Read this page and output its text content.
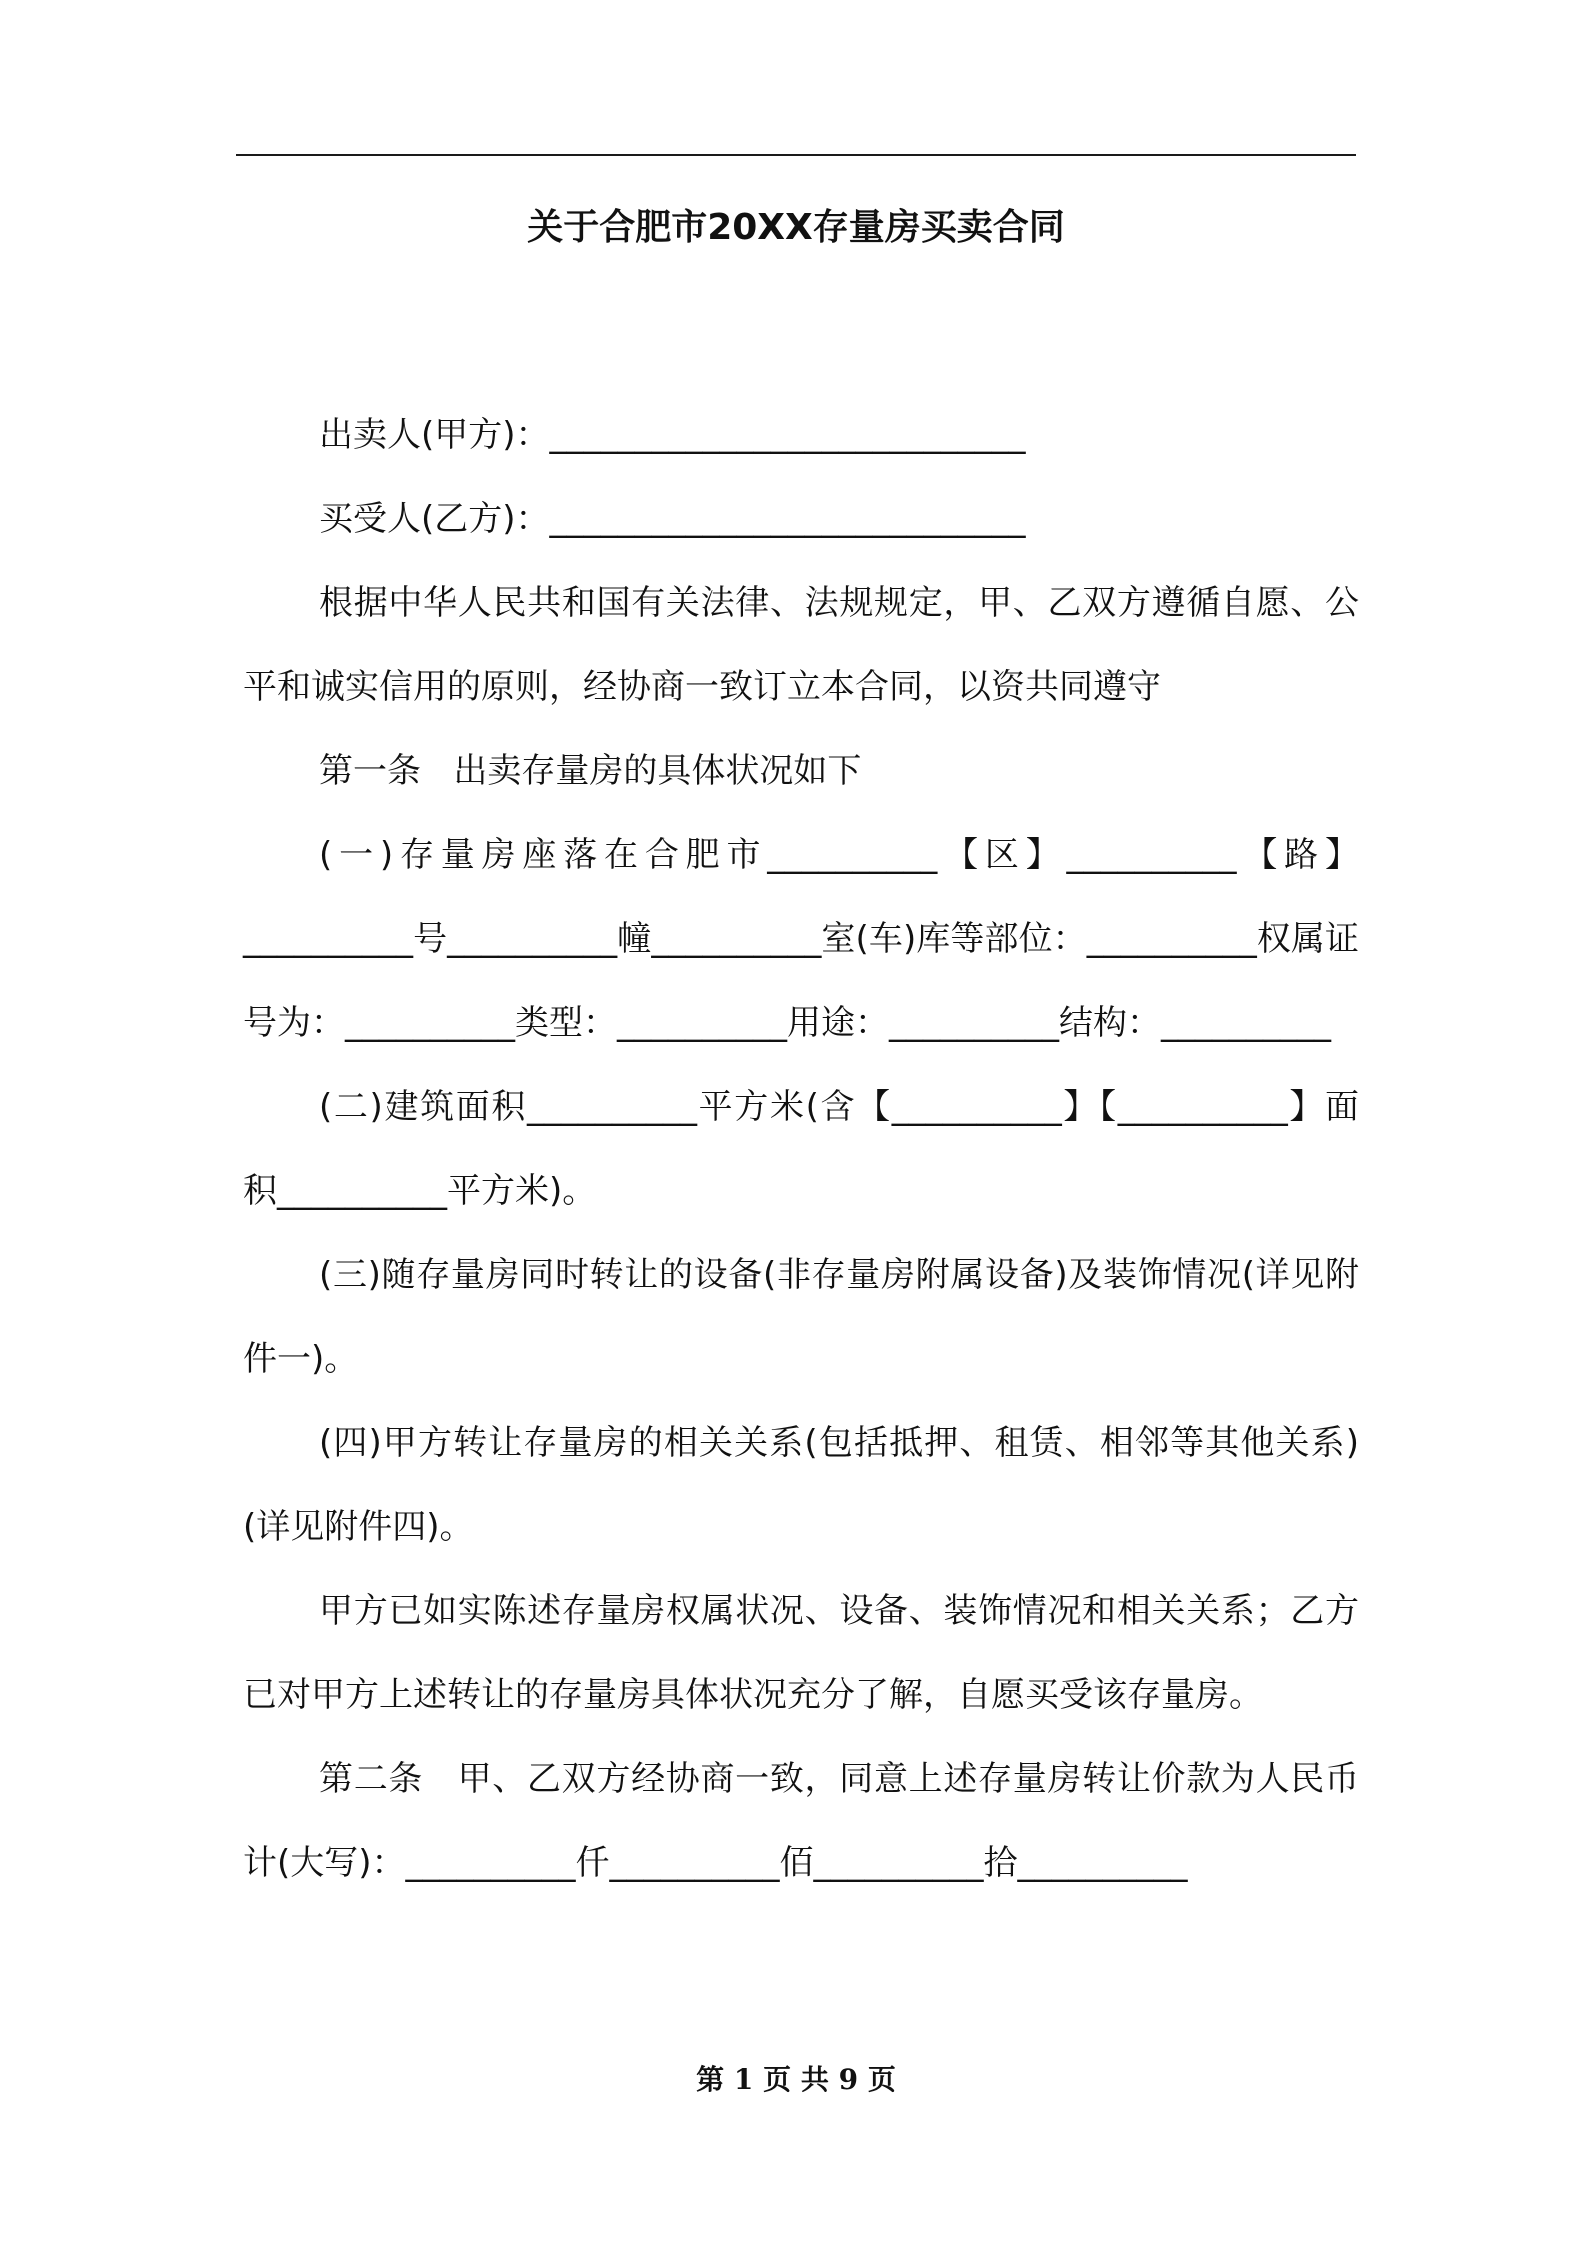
关于合肥市20XX存量房买卖合同

出卖人(甲方)：____________________________

买受人(乙方)：____________________________

根据中华人民共和国有关法律、法规规定，甲、乙双方遵循自愿、公平和诚实信用的原则，经协商一致订立本合同，以资共同遵守

第一条   出卖存量房的具体状况如下

(一)存量房座落在合肥市__________【区】__________【路】__________号__________幢__________室(车)库等部位：__________权属证号为：__________类型：__________用途：__________结构：__________

(二)建筑面积__________平方米(含【__________】【__________】面积__________平方米)。

(三)随存量房同时转让的设备(非存量房附属设备)及装饰情况(详见附件一)。

(四)甲方转让存量房的相关关系(包括抵押、租赁、相邻等其他关系)(详见附件四)。

甲方已如实陈述存量房权属状况、设备、装饰情况和相关关系；乙方已对甲方上述转让的存量房具体状况充分了解，自愿买受该存量房。

第二条   甲、乙双方经协商一致，同意上述存量房转让价款为人民币计(大写)：__________仟__________佰__________拾__________

第 1 页 共 9 页
